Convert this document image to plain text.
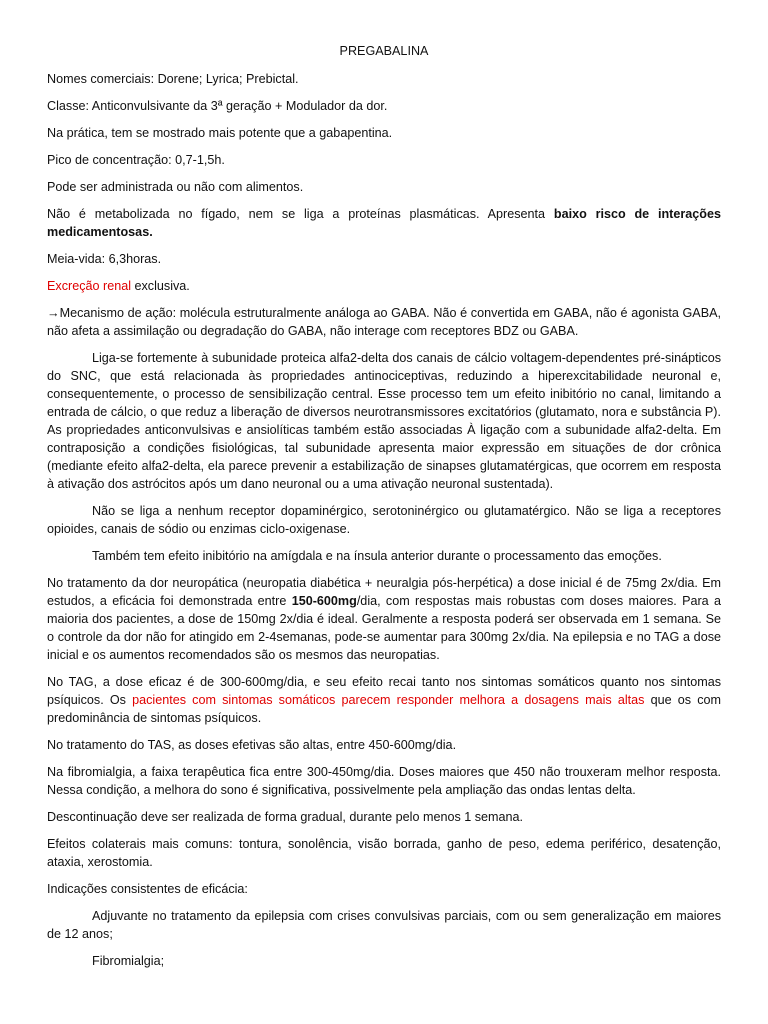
PREGABALINA

Nomes comerciais: Dorene; Lyrica; Prebictal.

Classe: Anticonvulsivante da 3ª geração + Modulador da dor.

Na prática, tem se mostrado mais potente que a gabapentina.

Pico de concentração: 0,7-1,5h.

Pode ser administrada ou não com alimentos.

Não é metabolizada no fígado, nem se liga a proteínas plasmáticas. Apresenta baixo risco de interações medicamentosas.

Meia-vida: 6,3horas.

Excreção renal exclusiva.

→Mecanismo de ação: molécula estruturalmente análoga ao GABA. Não é convertida em GABA, não é agonista GABA, não afeta a assimilação ou degradação do GABA, não interage com receptores BDZ ou GABA.

Liga-se fortemente à subunidade proteica alfa2-delta dos canais de cálcio voltagem-dependentes pré-sinápticos do SNC, que está relacionada às propriedades antinociceptivas, reduzindo a hiperexcitabilidade neuronal e, consequentemente, o processo de sensibilização central. Esse processo tem um efeito inibitório no canal, limitando a entrada de cálcio, o que reduz a liberação de diversos neurotransmissores excitatórios (glutamato, nora e substância P). As propriedades anticonvulsivas e ansiolíticas também estão associadas À ligação com a subunidade alfa2-delta. Em contraposição a condições fisiológicas, tal subunidade apresenta maior expressão em situações de dor crônica (mediante efeito alfa2-delta, ela parece prevenir a estabilização de sinapses glutamatérgicas, que ocorrem em resposta à ativação dos astrócitos após um dano neuronal ou a uma ativação neuronal sustentada).

Não se liga a nenhum receptor dopaminérgico, serotoninérgico ou glutamatérgico. Não se liga a receptores opioides, canais de sódio ou enzimas ciclo-oxigenase.

Também tem efeito inibitório na amígdala e na ínsula anterior durante o processamento das emoções.

No tratamento da dor neuropática (neuropatia diabética + neuralgia pós-herpética) a dose inicial é de 75mg 2x/dia. Em estudos, a eficácia foi demonstrada entre 150-600mg/dia, com respostas mais robustas com doses maiores. Para a maioria dos pacientes, a dose de 150mg 2x/dia é ideal. Geralmente a resposta poderá ser observada em 1 semana. Se o controle da dor não for atingido em 2-4semanas, pode-se aumentar para 300mg 2x/dia. Na epilepsia e no TAG a dose inicial e os aumentos recomendados são os mesmos das neuropatias.

No TAG, a dose eficaz é de 300-600mg/dia, e seu efeito recai tanto nos sintomas somáticos quanto nos sintomas psíquicos. Os pacientes com sintomas somáticos parecem responder melhora a dosagens mais altas que os com predominância de sintomas psíquicos.

No tratamento do TAS, as doses efetivas são altas, entre 450-600mg/dia.

Na fibromialgia, a faixa terapêutica fica entre 300-450mg/dia. Doses maiores que 450 não trouxeram melhor resposta. Nessa condição, a melhora do sono é significativa, possivelmente pela ampliação das ondas lentas delta.

Descontinuação deve ser realizada de forma gradual, durante pelo menos 1 semana.

Efeitos colaterais mais comuns: tontura, sonolência, visão borrada, ganho de peso, edema periférico, desatenção, ataxia, xerostomia.

Indicações consistentes de eficácia:

Adjuvante no tratamento da epilepsia com crises convulsivas parciais, com ou sem generalização em maiores de 12 anos;

Fibromialgia;
